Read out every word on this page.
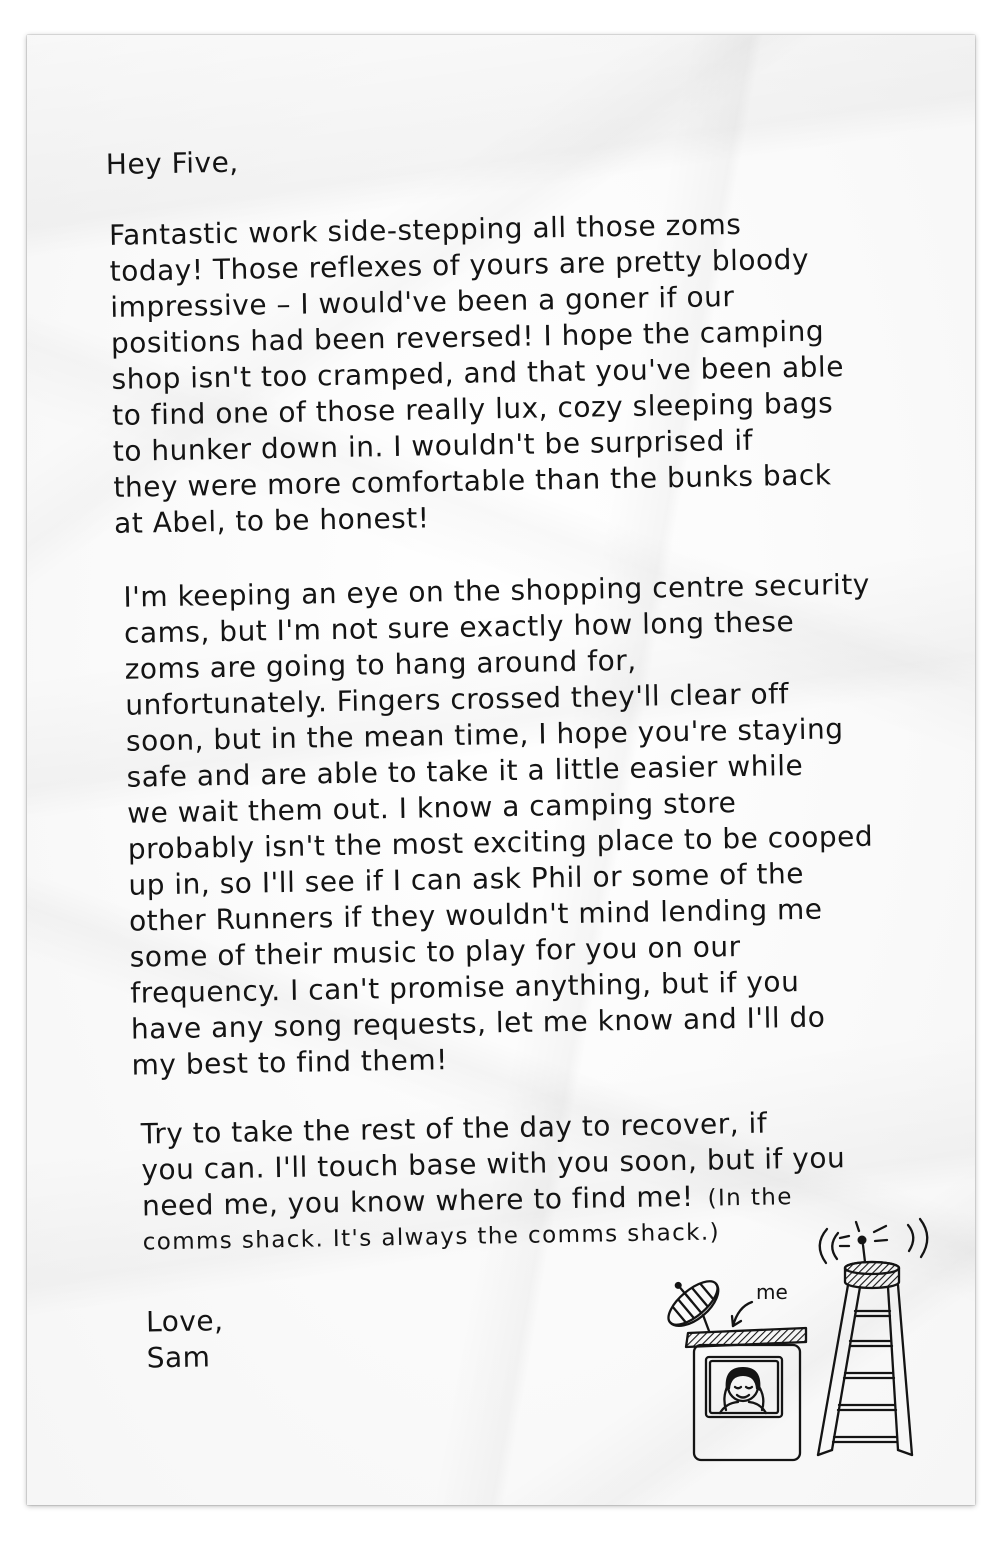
Hey Five,
Fantastic work side-stepping all those zoms
today! Those reflexes of yours are pretty bloody
impressive – I would've been a goner if our
positions had been reversed! I hope the camping
shop isn't too cramped, and that you've been able
to find one of those really lux, cozy sleeping bags
to hunker down in. I wouldn't be surprised if
they were more comfortable than the bunks back
at Abel, to be honest!
I'm keeping an eye on the shopping centre security
cams, but I'm not sure exactly how long these
zoms are going to hang around for,
unfortunately. Fingers crossed they'll clear off
soon, but in the mean time, I hope you're staying
safe and are able to take it a little easier while
we wait them out. I know a camping store
probably isn't the most exciting place to be cooped
up in, so I'll see if I can ask Phil or some of the
other Runners if they wouldn't mind lending me
some of their music to play for you on our
frequency. I can't promise anything, but if you
have any song requests, let me know and I'll do
my best to find them!
Try to take the rest of the day to recover, if
you can. I'll touch base with you soon, but if you
need me, you know where to find me! (In the
comms shack. It's always the comms shack.)
Love,
Sam
me
